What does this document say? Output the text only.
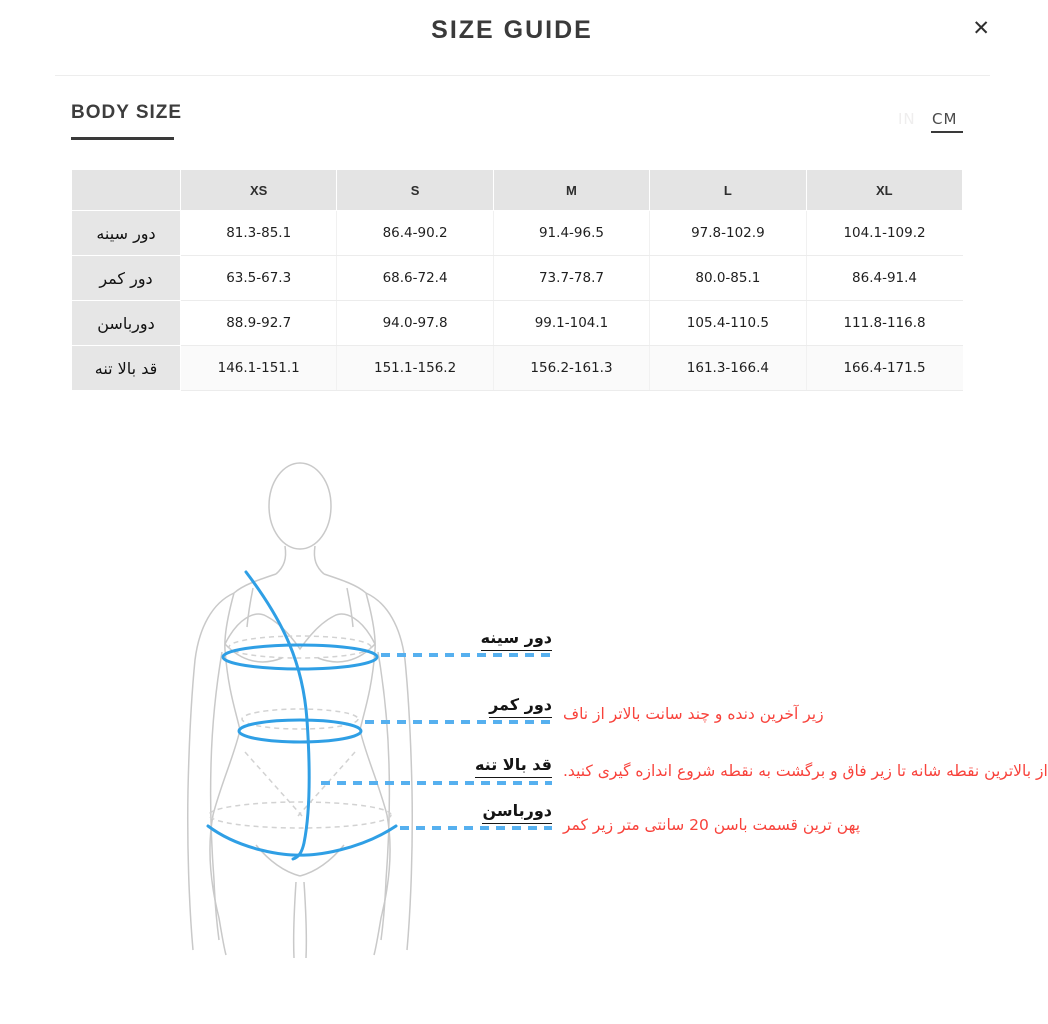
SIZE GUIDE	✕
BODY SIZE	IN CM
	XS	S	M	L	XL
دور سینه	81.3-85.1	86.4-90.2	91.4-96.5	97.8-102.9	104.1-109.2
دور کمر	63.5-67.3	68.6-72.4	73.7-78.7	80.0-85.1	86.4-91.4
دورباسن	88.9-92.7	94.0-97.8	99.1-104.1	105.4-110.5	111.8-116.8
قد بالا تنه	146.1-151.1	151.1-156.2	156.2-161.3	161.3-166.4	166.4-171.5
دور سینه
دور کمر
قد بالا تنه
دورباسن
زیر آخرین دنده و چند سانت بالاتر از ناف
از بالاترین نقطه شانه تا زیر فاق و برگشت به نقطه شروع اندازه گیری کنید.
پهن ترین قسمت باسن 20 سانتی متر زیر کمر
